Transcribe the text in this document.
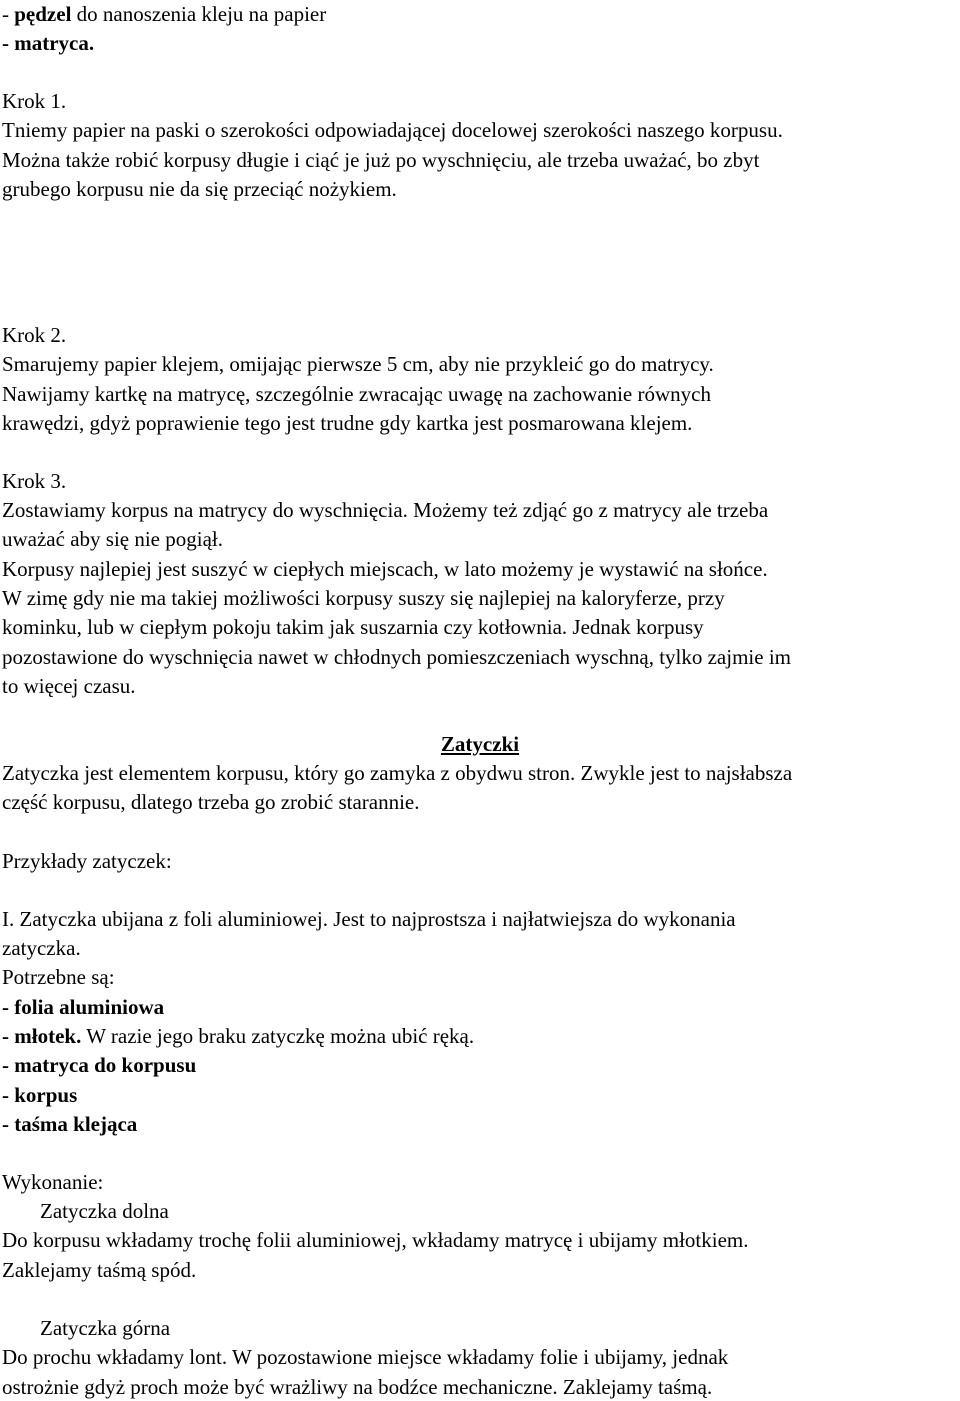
- pędzel do nanoszenia kleju na papier
- matryca.
Krok 1.
Tniemy papier na paski o szerokości odpowiadającej docelowej szerokości naszego korpusu.
Można także robić korpusy długie i ciąć je już po wyschnięciu, ale trzeba uważać, bo zbyt
grubego korpusu nie da się przeciąć nożykiem.
Krok 2.
Smarujemy papier klejem, omijając pierwsze 5 cm, aby nie przykleić go do matrycy.
Nawijamy kartkę na matrycę, szczególnie zwracając uwagę na zachowanie równych
krawędzi, gdyż poprawienie tego jest trudne gdy kartka jest posmarowana klejem.
Krok 3.
Zostawiamy korpus na matrycy do wyschnięcia. Możemy też zdjąć go z matrycy ale trzeba
uważać aby się nie pogiął.
Korpusy najlepiej jest suszyć w ciepłych miejscach, w lato możemy je wystawić na słońce.
W zimę gdy nie ma takiej możliwości korpusy suszy się najlepiej na kaloryferze, przy
kominku, lub w ciepłym pokoju takim jak suszarnia czy kotłownia. Jednak korpusy
pozostawione do wyschnięcia nawet w chłodnych pomieszczeniach wyschną, tylko zajmie im
to więcej czasu.
Zatyczki
Zatyczka jest elementem korpusu, który go zamyka z obydwu stron. Zwykle jest to najsłabsza
część korpusu, dlatego trzeba go zrobić starannie.
Przykłady zatyczek:
I. Zatyczka ubijana z foli aluminiowej. Jest to najprostsza i najłatwiejsza do wykonania
zatyczka.
Potrzebne są:
- folia aluminiowa
- młotek. W razie jego braku zatyczkę można ubić ręką.
- matryca do korpusu
- korpus
- taśma klejąca
Wykonanie:
Zatyczka dolna
Do korpusu wkładamy trochę folii aluminiowej, wkładamy matrycę i ubijamy młotkiem.
Zaklejamy taśmą spód.
Zatyczka górna
Do prochu wkładamy lont. W pozostawione miejsce wkładamy folie i ubijamy, jednak
ostrożnie gdyż proch może być wrażliwy na bodźce mechaniczne. Zaklejamy taśmą.
